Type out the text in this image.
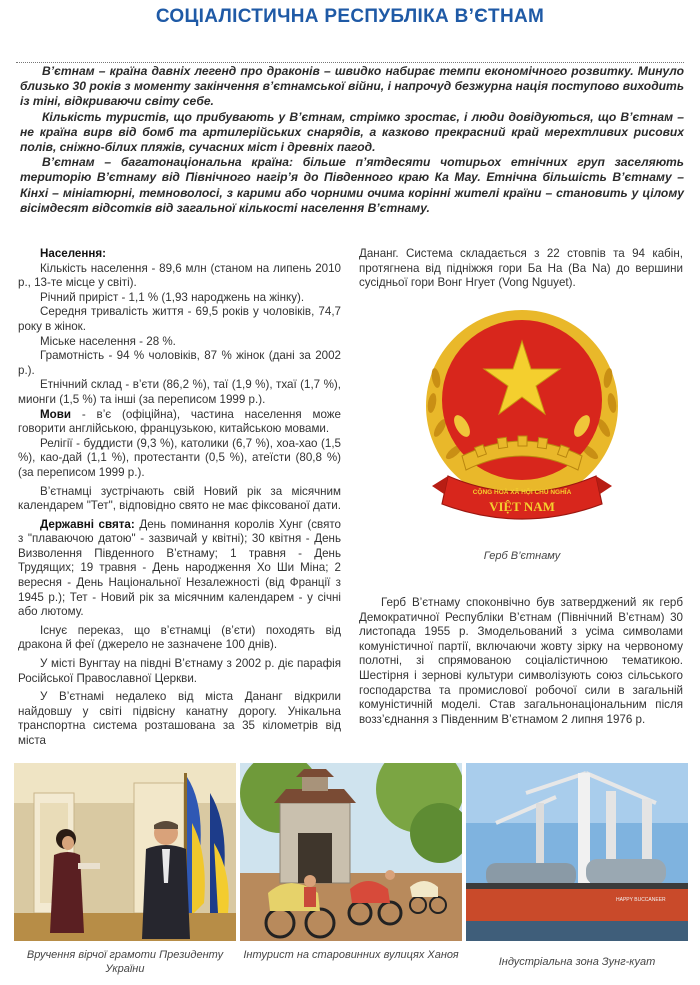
СОЦІАЛІСТИЧНА РЕСПУБЛІКА В’ЄТНАМ

В’єтнам – країна давніх легенд про драконів – швидко набирає темпи економічного розвитку. Минуло близько 30 років з моменту закінчення в’єтнамської війни, і напрочуд безжурна нація поступово виходить із тіні, відкриваючи світу себе.

Кількість туристів, що прибувають у В’єтнам, стрімко зростає, і люди довідуються, що В’єтнам – не країна вирв від бомб та артилерійських снарядів, а казково прекрасний край мерехтливих рисових полів, сніжно-білих пляжів, сучасних міст і древніх пагод.

В’єтнам – багатонаціональна країна: більше п’ятдесяти чотирьох етнічних груп заселяють територію В’єтнаму від Північного нагір’я до Південного краю Ка Мау. Етнічна більшість В’єтнаму – Кінхі – мініатюрні, темноволосі, з карими або чорними очима корінні жителі країни – становить у цілому вісімдесят відсотків від загальної кількості населення В’єтнаму.

Населення:

Кількість населення - 89,6 млн (станом на липень 2010 р., 13-те місце у світі).

Річний приріст - 1,1 % (1,93 народжень на жінку).

Середня тривалість життя - 69,5 років у чоловіків, 74,7 року в жінок.

Міське населення - 28 %.

Грамотність - 94 % чоловіків, 87 % жінок (дані за 2002 р.).

Етнічний склад - в’єти (86,2 %), таї (1,9 %), тхаї (1,7 %), мионги (1,5 %) та інші (за переписом 1999 р.).

Мови - в’є (офіційна), частина населення може говорити англійською, французькою, китайською мовами.

Релігії - буддисти (9,3 %), католики (6,7 %), хоа-хао (1,5 %), као-дай (1,1 %), протестанти (0,5 %), атеїсти (80,8 %) (за переписом 1999 р.).

В’єтнамці зустрічають свій Новий рік за місячним календарем "Тет", відповідно свято не має фіксованої дати.

Державні свята: День поминання королів Хунг (свято з "плаваючою датою" - зазвичай у квітні); 30 квітня - День Визволення Південного В’єтнаму; 1 травня - День Трудящих; 19 травня - День народження Хо Ши Міна; 2 вересня - День Національної Незалежності (від Франції з 1945 р.); Тет - Новий рік за місячним календарем - у січні або лютому.

Існує переказ, що в’єтнамці (в’єти) походять від дракона й феї (джерело не зазначене 100 днів).

У місті Вунгтау на півдні В’єтнаму з 2002 р. діє парафія Російської Православної Церкви.

У В’єтнамі недалеко від міста Дананг відкрили найдовшу у світі підвісну канатну дорогу. Унікальна транспортна система розташована за 35 кілометрів від міста

Дананг. Система складається з 22 стовпів та 94 кабін, протягнена від підніжжя гори Ба На (Ba Na) до вершини сусідньої гори Вонг Нгует (Vong Nguyet).

CỘNG HOÀ XÃ HỘI CHỦ NGHĨA
VIỆT NAM
Герб В’єтнаму

Герб В’єтнаму споконвічно був затверджений як герб Демократичної Республіки В’єтнам (Північний В’єтнам) 30 листопада 1955 р. Змодельований з усіма символами комуністичної партії, включаючи жовту зірку на червоному полотні, зі спрямованою соціалістичною тематикою. Шестірня і зернові культури символізують союз сільського господарства та промислової робочої сили в загальній комуністичній моделі. Став загальнонаціональним після возз’єднання з Південним В’єтнамом 2 липня 1976 р.

Вручення вірчої грамоти Президенту України
Інтурист на старовинних вулицях Ханоя
HAPPY BUCCANEER
Індустріальна зона Зунг-куат
